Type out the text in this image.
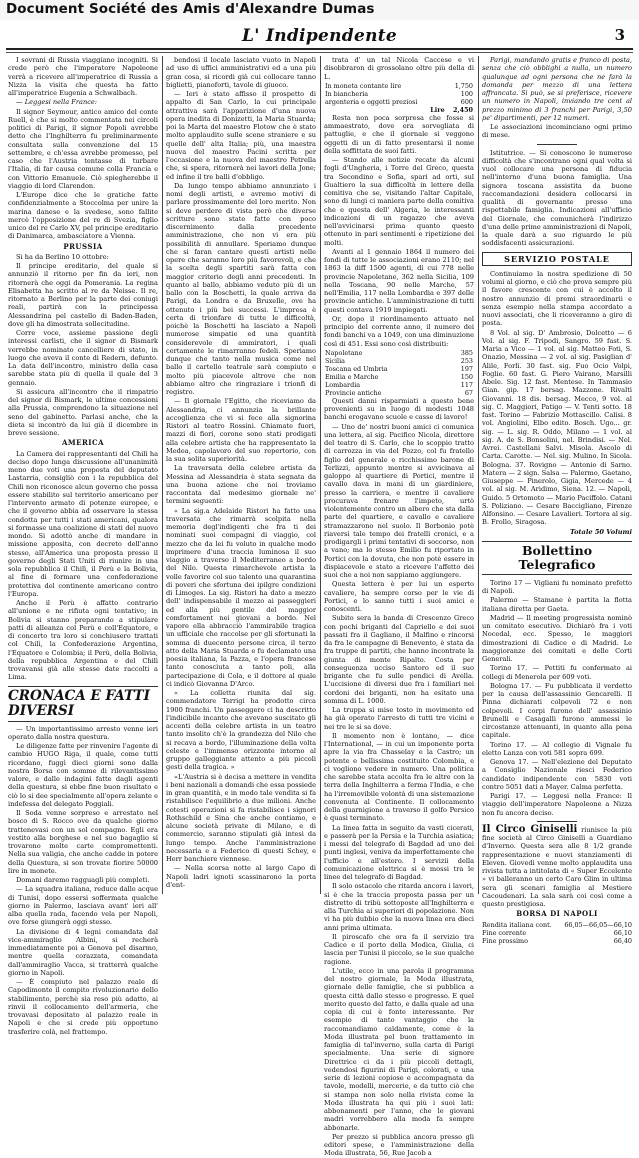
Document Société des Amis d'Alexandre Dumas
L' Indipendente	3

I sovrani di Russia viaggiano incogniti. Si crede però che l'imperatore Napoleone verrà a ricevere all'imperatrice di Russia a Nizza la visita che questa ha fatto all'imperatrice Eugenia a Schwalbach.

— Leggesi nella France:

Il signor Seymour, antico amico del conte Ruell, è che si molto commentata nei circoli politici di Parigi, il signor Popoli avrebbe detto che l'Inghilterra fu preliminarmente consultata sulla convenzione del 15 settembre, e ch'essa avrebbe promesso, pel caso che l'Austria tentasse di turbare l'Italia, di far causa comune colla Francia e con Vittorio Emanuele. Ciò spiegherebbe il viaggio di lord Clarendon.

L'Europe dice che le gratiche fatte confidenzialmente a Stoccolma per unire la marina danese e la svedese, sono fallite mercè l'opposizione del re di Svezia, figlio unico del re Carlo XV, pel principe ereditario di Danimarca, ambasciatore a Vienna.

PRUSSIA

Si ha da Berlino 10 ottobre:

Il principe ereditario, del quale si annunziò il ritorno per fin da ieri, non ritornerà che oggi da Pomerania. La regina Elisabetta ha scritto al re da Neisse. Il re, ritornato a Berlino per la parte dei coniugi reali, partirà con la principessa Alessandrina pel castello di Baden-Baden, dove gli ha dimostrata sollecitudine.

Corre voce, assieme passione degli interessi carlisti, che il signor di Bismark verrebbe nominato cancelliere di stato, in luogo che aveva il conte di Redern, defunto. La data dell'incontro, ministro della casa sarebbe stata più di quella il quale del 3 gennaio.

Si assicura all'incontro che il rimpatrio del signor di Bismark, le ultime concessioni alla Prussia, comprendono la situazione nel seno del gabinetto. Parlasi anche, che la dieta si incontrò da lui già il dicembre in breve sessione.

AMERICA

La Camera dei rappresentanti del Chilì ha deciso dopo lunga discussione all'unanimità meno due voti una proposta del deputato Lastarria, consigliò con i la repubblica del Chilì non riconosce alcun governo che possa essere stabilito sul territorio americano per l'intervento armato di potenze europee, e che il governo abbia ad osservare la stessa condotta per tutti i stati americani, qualora si formasse una coalizione di stati del nuovo mondo. Si adottò anche di mandare in missione apposita, con decreto dell'anno stesso, all'America una proposta presso il governo degli Stati Uniti di riunire in una sola repubblica il Chilì, il Perù e la Bolivia, al fine di formare una confederazione protettiva del continente americano contro l'Europa.

Anche il Perù è affatto contrario all'unione e ne rifiuta ogni tentativo; in Bolivia si stanno preparando a stipulare patti di alleanza col Perù e coll'Equatore, e di concerto tra loro si conchiusero trattati col Chilì, la Confederazione Argentina, l'Equatore e Colombia; il Perù, della Bolivia, della repubblica Argentina e del Chilì trovavansi già alle stesse date raccolti a Lima.

CRONACA E FATTI DIVERSI

— Un importantissimo arresto venne ieri operato dalla nostra questura.

Le diligenze fatte per rinvenire l'agente di cambio HUGO Riga, il quale, come tutti ricordano, fuggì dieci giorni sono dalla nostra Borsa con somme di rilevantissimo valore, e dalle indagini fatte dagli agenti della questura, si ebbe fine buon risultato e ciò lo si dee specialmente all'opera zelante e indefessa del delegato Poggiali.

Il Soda venne sorpreso e arrestato nel bosco di S. Rocco ove da qualche giorno trattenevasi con un sol compagno. Egli era vestito alla borghese e nel suo bagaglio si trovarono molte carte compromettenti. Nella sua valigia, che anche cadde in potere della Questura, si son trovate fiorire 50000 lire in monete.

Domani daremo ragguagli più completi.

— La squadra italiana, reduce dalle acque di Tunisi, dopo essersi soffermata qualche giorno in Palermo, lasciava avant' ieri all' alba quella rada, facendo vela per Napoli, ove forse giungerà oggi stesso.

La divisione di 4 legni comandata dal vice-ammiraglio Albini, si recherà immediatamente poi a Genova pel disarmo, mentre quella corazzata, comandata dall'ammiraglio Vacca, si tratterrà qualche giorno in Napoli.

— È compiuto nel palazzo reale di Capodimonte il compito rivoluzionario dello stabilimento, perchè sia reso più adatto, ai rinvii il collocamento dell'armeria, che trovavasi depositato al palazzo reale in Napoli e che si crede più opportuno trasferire colà, nel frattempo.

bendosi il locale lasciato vuoto in Napoli ad uso di uffici amministrativi ed a una più gran cosa, si ricordi già cui collocare tanno biglietti, pianoforti, tavole di giuoco.

— Ieri è stato affisso il prospetto di appalto di San Carlo, la cui principale attrattiva sarà l'apparizione d'una nuova opera inedita di Donizetti, la Maria Stuarda; poi la Marta del maestro Flotow che è stato molto applaudito sulle scene straniere e su quelle dell' alta Italia; più, una maestra nuova del maestro Pacini scritta per l'occasione e la nuova del maestro Petrella che, si spera, ritornerà nei lavori della Jone; ed infine il tre balli d'obbligo.

Da lungo tempo abbiamo annunziato i nomi degli artisti, e avremo motivi di parlare prossimamente del loro merito. Non si deve perdere di vista però che diverse scritture sono state fatte con poco discernimento dalla precedente amministrazione, che non vi era più possibilità di annullare. Speriamo dunque che si faran cantare questi artisti nelle opere che saranno loro più favorevoli, e che la scelta degli spartiti sarà fatta con maggior criterio degli anni precedenti. In quanto al ballo, abbiamo veduto più di un ballo con la Boschetti, la quale arriva da Parigi, da Londra e da Bruxelle, ove ha ottenuto i più bei successi. L'impresa è certa di trionfare di tutte le difficoltà, poichè la Boschetti ha lasciato a Napoli numerose simpatie ed una quantità considerevole di ammiratori, i quali certamente le rimarranno fedeli. Speriamo dunque che tanto nella musica come nel ballo il cartello teatrale sarà compiuto e molto più piacevole altrove che non abbiamo altro che ringraziare i trionfi di registro.

— Il giornale l'Egitto, che riceviamo da Alessandria, ci annunzia la brillante accoglienza che vi si fece alla signorina Ristori al teatro Rossini. Chiamate fuori, mazzi di fiori, corone sono stati prodigati alla celebre artista che ha rappresentato la Medea, capolavoro del suo repertorio, con la sua solita superiorità.

La traversata della celebre artista da Messina ad Alessandria è stata segnata da una buona azione che noi troviamo raccontata dal medesimo giornale ne' termini seguenti:

« La sig.a Adelaide Ristori ha fatto una traversata che rimarrà scolpita nella memoria degl'indigenti che fra ti dei nominati suoi compagni di viaggio, col mezzo che da lei fu voluto in qualche modo imprimere d'una traccia luminosa il suo viaggio a traverso il Mediterraneo a bordo del Nilo. Questa rimarchevole artista la volle favorire col suo talento una quarantina di poveri che sfortuna dei ipilgre condizioni di Limoges. La sig. Ristori ha dato a mezzo dell' indispensabile il mezzo ai passeggieri ed alla più gentile del maggior comfortament nei giovani a bordo. Nel vapore ella abbracciò l'ammirabile tragica un ufficiale che raccolse per gli sfortunati la somma di duecento persone circa, il terzo atto della Maria Stuarda e fu declamato una poesia italiana, la Pazza, e l'opera francese tanto conosciuta a tanto poli, alla partecipazione di Cola, e il dottore al quale ci indicò Giovanna D'Arco.

« La colletta riunita dal sig. commendatore Terrigi ha prodotto circa 1900 franchi. Un passeggero ci ha descritto l'indicibile incanto che avevano suscitato gli accenti della celebre artista in un teatro tanto insolito ch'è la grandezza del Nilo che si recava a bordo, l'illuminazione della volta celeste e l'immenso orizzonte intorno al gruppo galleggiante attento a più piccoli gesti della tragica. »

«L'Austria si è decisa a mettere in vendita i beni nazionali a domandi che essa possiede in gran quantità, e in modo tale vendita si fa ristabilisce l'equilibrio a due milioni. Anche cotesti operazioni si fa ristabilisce i signori Rothschild e Sina che anche contiamo, e alcune società private di Milano, e di commercio, saranno stipulati già intesi da lungo tempo. Anche l'amministrazione necessaria e a Federico di questi Schey, e Herr banchiere viennese.

— Nella scorsa notte al largo Capo di Napoli ladri ignoti scassinarono la porta d'ent-

trata d' un tal Nicola Caccese e vi disobbraron di grossolano oltre più della di L.

In moneta contante lire	1,750
In biancheria	100
argenteria e oggetti preziosi	600
Lire	2,450

Resta non poca sorpresa che fosse si ammaestrato, dove era sorvegliata di pattuglie, e che il giornale si veggono oggetti di un di fatto presentarsi il nome della soffittata de suoi fatti.

— Stando alle notizie recate da alcuni fogli d'Ungheria, i Torre del Greco, questa tra Secondino e Sofia, spari ad orti, sul Gualtiero la sua difficoltà in lettere della comitiva che se, visitando l'altar Capitale, sono di lungi ci maniera parte della comitiva che e questa dell' Algeria, le interessanti indicazioni di un ragazzo che aveva nell'avvicinarsi prima quanto questo ottenuto in pari sentimenti e ripetizione dei molti.

Avanti al 1 gennaio 1864 il numero dei fondi di tutte le associazioni erano 2110; nel 1863 la diff 1500 agenti, di cui 778 nelle provincie Napoletane, 362 nella Sicilia, 109 nella Toscana, 90 nelle Marche, 57 nell'Emilia, 117 nella Lombardia e 397 delle provincie antiche. L'amministrazione di tutti questi contava 1919 impiegati.

Or, dopo il riordinamento attuato nel principio del corrente anno, il numero dei fondi banchi va a 1049, con una diminuzione così di 451. Essi sono così distribuiti:

Napoletane	385
Sicilia	253
Toscana ed Umbria	197
Emilia e Marche	150
Lombardia	117
Provincie antiche	67

Questi danni risparmiati a questo bene provenienti su in luogo di modesti 1048 banchi erogavano scuole e casse di lavoro!

— Uno de' nostri buoni amici ci comunica una lettera, al sig. Pacifico Nicola, direttore del teatro di S. Carlo, che lo scoppio tratto di carrozza in via del Pozzo, col fu fratello figlio del generale e ricchissimo barone di Terlizzi, appunto mentre si avvicinava al galoppo al quartiere di Portici, mentre il cavallo dava in mani di un giardiniere, presso la carriera, e mentre il cavaliere procurava frenare l'impeto, urtò violentemente contro un albero che sta dalla parte del quartiere, e cavallo e cavaliere stramazzarono nel suolo. Il Borbonio potè riaversi tale tempo dei fratelli cronici, e a prodigargli i primi tentativi di soccorso, non a vano; ma lo stesso Emilio fu riportato in Portici con la dovuta, che non potè essere in dispiacevole e stato a ricevere l'affetto dei suoi che a noi non sappiamo aggiungere.

Questa lettera è per lui un esperto cavaliere, ha sempre corso per le vie di Portici, e lo sanno tutti i suoi amici e conoscenti.

Subito sera la banda di Crescenzo Greco con pochi briganti del Capriello e dei suoi passati fra il Gagliano, il Malfino e rincorsi da fra le campagne di Benevento, è stata da fra truppe di partiti, che hanno incontrate la giunta di monte Ripalto. Costa per conseguenza ucciso Santoro ed il suo brigante che fu sulle pendici di Avella. L'uccisione di diversi due fra i familiari nei cordoni dei briganti, non ha esitato una somma di L. 1000.

La truppa si mise tosto in movimento ed ha già operato l'arresto di tutti tre vicini e nei tre le si sa dove.

Il momento non è lontano, — dice l'International, — in cui un imponente porta apre la via fra Chasselay e la Castro; un potente e bellissima costituito Colombia, e ci vogliono vedere in numero. Una politica che sarebbe stata accolta fra le altre con la terra della Inghilterra a ferma l'India, e che ha l'irremovibile volontà di una sistemazione convenuta al Continente. Il collocamento della guarnigione a traverso il golfo Persico è quasi terminato.

La linea fatta in seguito da vasti cicerati, e passerà per la Persia e la Turchia asiatica; i messi del telegrafo di Bagdad ad uno dei punti inglesi, veniva da imperfettamente che l'ufficio e all'estero. I servizii della comunicazione elettrica si è mossi tra le linee del telegrafo di Bagdad.

Il solo ostacolo che ritarda ancora i lavori, si è che la traccia proposta passa per un distretto di tribù sottoposte all'Inghilterra e alla Turchia ai superiori di popolazione. Non vi ha più dubbio che la nuova linea era dieci anni prima ultimata.

Il piroscafo che ora fa il servizio tra Cadice e il porto della Modica, Giulia, ci lascia per Tunisi il piccolo, se le sue qualche ragione.

L'utile, ecco in una parola il programma del nostro giornale, la Moda illustrata, giornale delle famiglie, che si pubblica a questa città dallo stesso e progresso. E quel merito questo del fatto, e dalla quale ad una copia di cui è fonte interessante. Per esempio di tanto vantaggio che la raccomandiamo caldamente, come è la Moda illustrata pel buon trattamento in famiglia di tal'inverno, sulla carta di Parigi specialmente. Una serie di signore Direttrice ci da i più piccoli dettagli, vedendosi figurini di Parigi, colorati, e una serie di lezioni copiose e accompagnata da tavole, modelli, mercerie, e da tutto ciò che si stampa non solo nella rivista come la Moda illustrata ha qui più i suoi lati: abbonamenti per l'anno, che le giovani madri vorrebbero alla moda fa sempre abbonarle.

Per prezzo si pubblica ancora presso gli editori spese, e l'amministrazione della Moda illustrata, 56, Rue Jacob a

Parigi, mandando gratis e franco di posta, senza che ciò obblighi a nulla, un numero qualunque ad ogni persona che ne farà la domanda per mezzo di una lettera affrancata. Si può, se si preferisce, ricevere un numero in Napoli, inviando tre cent al prezzo minimo di 3 franchi per Parigi, 3,50 pe' dipartimenti, per 12 numeri.

Le associazioni incominciano ogni primo di mese.

Istitutrice. — Si conoscono le numerose difficoltà che s'incontrano ogni qual volta si vuol collocare una persona di fiducia nell'interno d'una buona famiglia. Una signora toscana assistita da buone raccomandazioni desidera collocarsi in qualità di governante presso una rispettabile famiglia. Indicazioni all'ufficio del Giornale, che comunicherà l'indirizzo d'una delle prime amministrazioni di Napoli, la quale darà a suo riguardo le più soddisfacenti assicurazioni.

SERVIZIO POSTALE

Continuiamo la nostra spedizione di 50 volumi al giorno, e ciò che prova sempre più il favore crescente con cui è accolto il nostro annunzio di premi straordinarii e senza esempio nella stampa accordato a nuovi associati, che li riceveranno a giro di posta.

8 Vol. al sig. D' Ambrosio, Dolcetto — 6 Vol. al sig. F. Tripodi, Sangro. 59 fast. S. Maria a Vico — 1 vol. al sig. Matteo Foti, S. Onazio, Messina — 2 vol. al sig. Pasiglian d' Alile, Forlì. 30 fast. sig. Fuo Ocio Volpi, Foglie. 60 fast. G. Piero Vairano, Marsilli Abele. Sig. 12 fast. Mentese. In Tammasio Gian. gip. 17 bersag. Mazzone. Rivalti Giovanni. 18 dis. bersag. Mecco, 9 vol. al sig. C. Maggiori, Patigo — V. Tenti sotto. 18 fast. Torino — Fabrizio Mottascillo. Calisi. 8 vol. Angiolini, Elbo edito. Bosch. Ugo... gr. sig. — L. sig. R. Oddo, Milano — 1 vol. al sig. A. de S. Bonsolini, nel. Brindisi. — Nel. Avrei. Castellani Salvi. Misola. Ascolo di Carta. Carotte. — Nel. sig. Mulino. In Sicola. Bologna. 37. Rovigno — Antonio di Sarno. Matera — 2 sign. Salsa — Palermo, Gaetano, Giuseppe — Pinerolo, Gigia, Mercede — 4 vol. al sig. M. Aridimo, Siena. 12. — Napoli, Guido. 5 Ortomoto — Mario Paciffolo. Catani S. Poliziano. — Cesare Baccigliano, Firenze Alfonsino. — Cesare Lavalieri. Tortora al sig. B. Frollo, Siragosa.

Totale 50 Volumi

Bollettino Telegrafico

Torino 17 — Vigliani fu nominato prefetto di Napoli.

Palermo — Stamane è partita la flotta italiana diretta per Gaeta.

Madrid — Il meeting progressista nominò un comitato esecutivo. Dichiarò fra i voti Nocedal, ecc. Spesso, le maggiori dimostrazioni di Cadice e di Madrid. Le maggioranze dei comitati e delle Corti Generali.

Torino 17. — Pettiti fu confermato ai collegi di Menerola per 609 voti.

Bologna 17. — Fu pubblicata il verdetto per la causa dell'assassinio Gencarelli. Il Pinna dichiarati colpevoli 72 e non colpevoli. I corpi furono dell' assassinio Brunelli e Casagalli furono ammessi le circostanze attenuanti, in quanto alla pena capitale.

Torino 17. — Al collegio di Vignale fu eletto Lanza con voti 581 sopra 699.

Genova 17. — Nell'elezione del Deputato a Consiglio Nazionale riesci Federico candidato indipendente con 5830 voti contro 5051 dati a Mayer. Calma perfetta.

Parigi 17. — Leggesi nella France: Il viaggio dell'imperatore Napoleone a Nizza non fu ancora deciso.

Il Circo Giniselli riunisce la più fine società al Circo Giniselli a Guardiano d'Inverno. Questa sera alle 8 1/2 grande rappresentazione e nuovi stanziamenti di Eleven. Giovedì venne molto applaudita una rivista tutta a intitolata di « Super Eccelente » vi balleranno un certo Caro Glim in ultima sera gli scenari famiglia al Mestiere Cacoudenari. La sala sarà coi così come a questo prestigiosa.

BORSA DI NAPOLI
Rendita italiana cont. 66,05—66,05—66,10
Fine corrente	66,10
Fine prossimo	66,40
